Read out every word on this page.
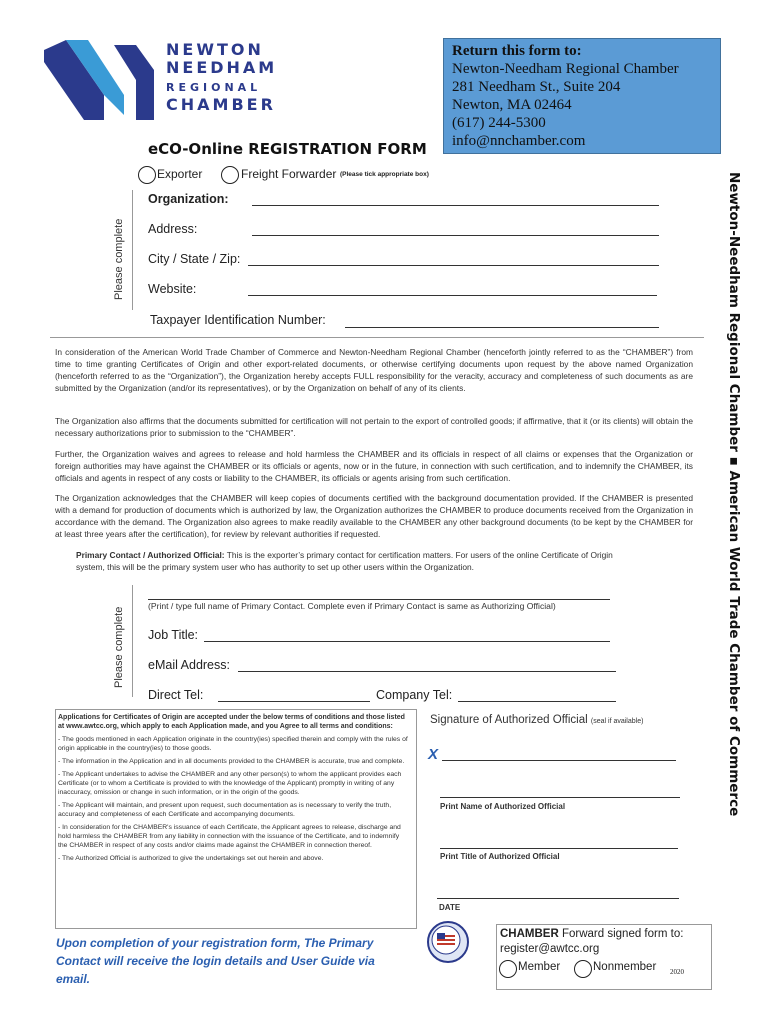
NEWTON
NEEDHAM
REGIONAL
CHAMBER
Return this form to:
Newton-Needham Regional Chamber
281 Needham St., Suite 204
Newton, MA 02464
(617) 244-5300
info@nnchamber.com
eCO-Online REGISTRATION FORM
Exporter	Freight Forwarder (Please tick appropriate box)
Please complete
Organization:
Address:
City / State / Zip:
Website:
Taxpayer Identification Number:
In consideration of the American World Trade Chamber of Commerce and Newton-Needham Regional Chamber (henceforth jointly referred to as the “CHAMBER”) from time to time granting Certificates of Origin and other export-related documents, or otherwise certifying documents upon request by the above named Organization (henceforth referred to as the “Organization”), the Organization hereby accepts FULL responsibility for the veracity, accuracy and completeness of such documents as are submitted by the Organization (and/or its representatives), or by the Organization on behalf of any of its clients.
The Organization also affirms that the documents submitted for certification will not pertain to the export of controlled goods; if affirmative, that it (or its clients) will obtain the necessary authorizations prior to submission to the “CHAMBER”.
Further, the Organization waives and agrees to release and hold harmless the CHAMBER and its officials in respect of all claims or expenses that the Organization or foreign authorities may have against the CHAMBER or its officials or agents, now or in the future, in connection with such certification, and to indemnify the CHAMBER, its officials and agents in respect of any costs or liability to the CHAMBER, its officials or agents arising from such certification.
The Organization acknowledges that the CHAMBER will keep copies of documents certified with the background documentation provided. If the CHAMBER is presented with a demand for production of documents which is authorized by law, the Organization authorizes the CHAMBER to produce documents received from the Organization in accordance with the demand. The Organization also agrees to make readily available to the CHAMBER any other background documents (to be kept by the CHAMBER for at least three years after the certification), for review by relevant authorities if requested.
Primary Contact / Authorized Official: This is the exporter’s primary contact for certification matters. For users of the online Certificate of Origin system, this will be the primary system user who has authority to set up other users within the Organization.
Please complete
(Print / type full name of Primary Contact. Complete even if Primary Contact is same as Authorizing Official)
Job Title:
eMail Address:
Direct Tel:	Company Tel:
Applications for Certificates of Origin are accepted under the below terms of conditions and those listed at www.awtcc.org, which apply to each Application made, and you Agree to all terms and conditions:
- The goods mentioned in each Application originate in the country(ies) specified therein and comply with the rules of origin applicable in the country(ies) to those goods.
- The information in the Application and in all documents provided to the CHAMBER is accurate, true and complete.
- The Applicant undertakes to advise the CHAMBER and any other person(s) to whom the applicant provides each Certificate (or to whom a Certificate is provided to with the knowledge of the Applicant) promptly in writing of any inaccuracy, omission or change in such information, or in the origin of the goods.
- The Applicant will maintain, and present upon request, such documentation as is necessary to verify the truth, accuracy and completeness of each Certificate and accompanying documents.
- In consideration for the CHAMBER's issuance of each Certificate, the Applicant agrees to release, discharge and hold harmless the CHAMBER from any liability in connection with the issuance of the Certificate, and to indemnify the CHAMBER in respect of any costs and/or claims made against the CHAMBER in connection thereof.
- The Authorized Official is authorized to give the undertakings set out herein and above.
Signature of Authorized Official (seal if available)
X
Print Name of Authorized Official
Print Title of Authorized Official
DATE
Upon completion of your registration form, The Primary Contact will receive the login details and User Guide via email.
CHAMBER Forward signed form to:
register@awtcc.org
Member	Nonmember 2020
Newton-Needham Regional Chamber ▪ American World Trade Chamber of Commerce
